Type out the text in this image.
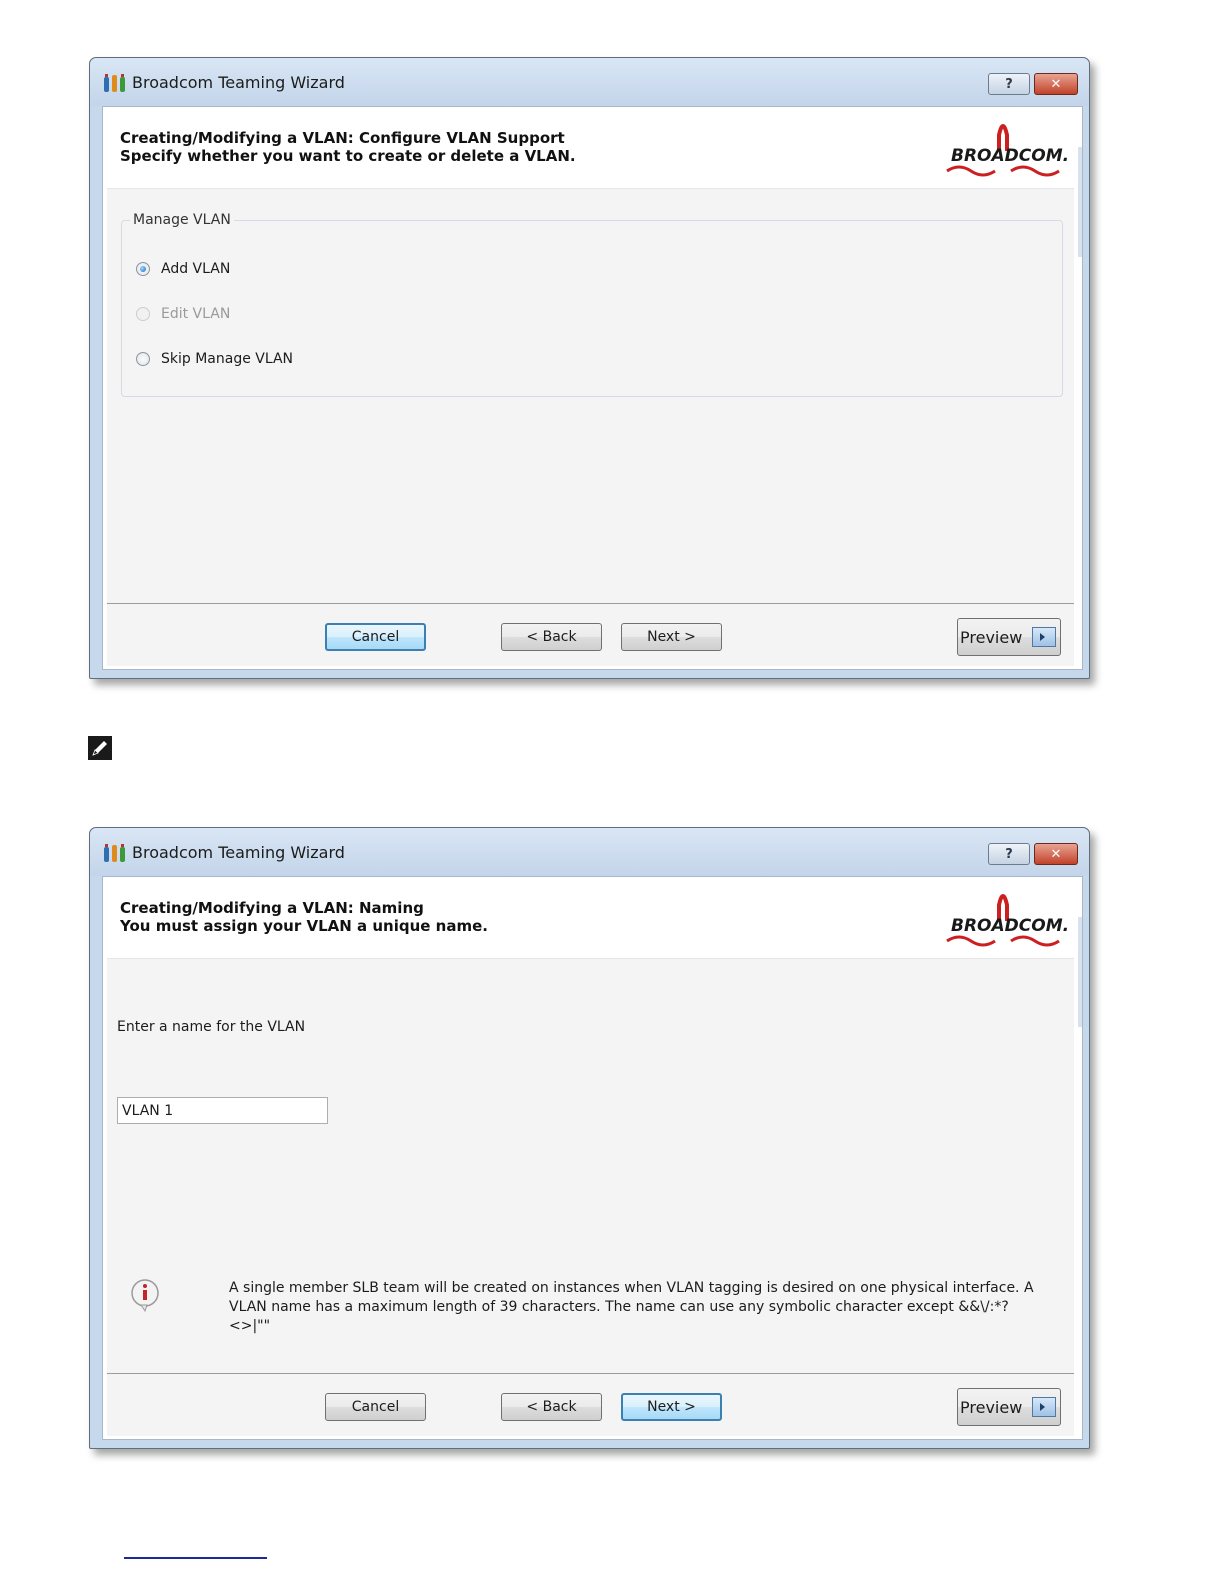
Broadcom Teaming Wizard	?	✕
Creating/Modifying a VLAN: Configure VLAN Support
Specify whether you want to create or delete a VLAN.	BROADCOM.
Manage VLAN
Add VLAN
Edit VLAN
Skip Manage VLAN
Cancel	< Back	Next >	Preview
Broadcom Teaming Wizard	?	✕
Creating/Modifying a VLAN: Naming
You must assign your VLAN a unique name.	BROADCOM.
Enter a name for the VLAN
VLAN 1
A single member SLB team will be created on instances when VLAN tagging is desired on one physical interface. A VLAN name has a maximum length of 39 characters. The name can use any symbolic character except &&\/:*?<>|""
Cancel	< Back	Next >	Preview
